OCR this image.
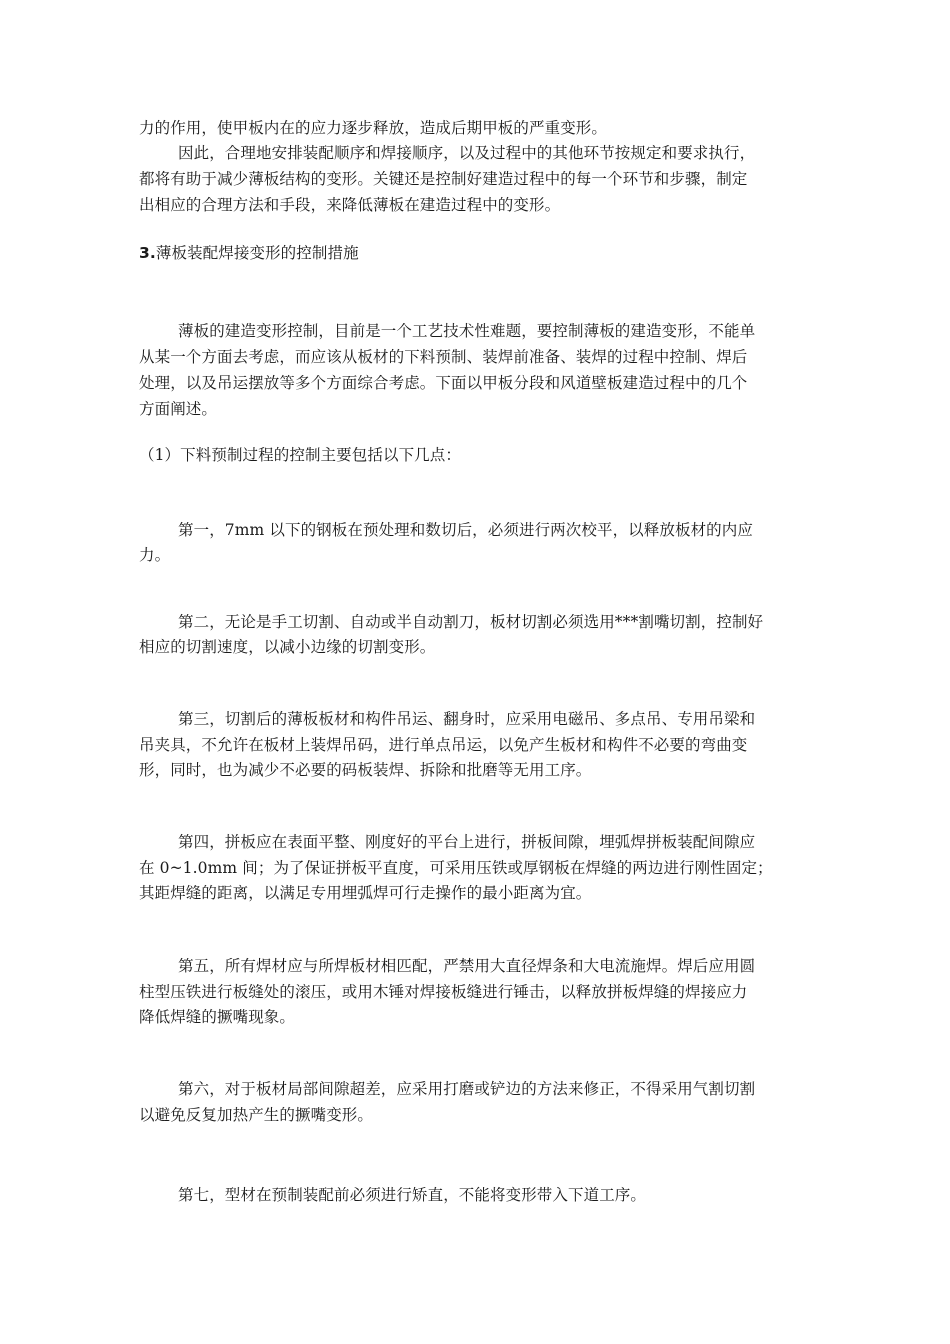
力的作用，使甲板内在的应力逐步释放，造成后期甲板的严重变形。
因此，合理地安排装配顺序和焊接顺序，以及过程中的其他环节按规定和要求执行，
都将有助于减少薄板结构的变形。关键还是控制好建造过程中的每一个环节和步骤，制定
出相应的合理方法和手段，来降低薄板在建造过程中的变形。
3.薄板装配焊接变形的控制措施
薄板的建造变形控制，目前是一个工艺技术性难题，要控制薄板的建造变形，不能单
从某一个方面去考虑，而应该从板材的下料预制、装焊前准备、装焊的过程中控制、焊后
处理，以及吊运摆放等多个方面综合考虑。下面以甲板分段和风道壁板建造过程中的几个
方面阐述。
（1）下料预制过程的控制主要包括以下几点：
第一，7mm 以下的钢板在预处理和数切后，必须进行两次校平，以释放板材的内应
力。
第二，无论是手工切割、自动或半自动割刀，板材切割必须选用***割嘴切割，控制好
相应的切割速度，以减小边缘的切割变形。
第三，切割后的薄板板材和构件吊运、翻身时，应采用电磁吊、多点吊、专用吊梁和
吊夹具，不允许在板材上装焊吊码，进行单点吊运，以免产生板材和构件不必要的弯曲变
形，同时，也为减少不必要的码板装焊、拆除和批磨等无用工序。
第四，拼板应在表面平整、刚度好的平台上进行，拼板间隙，埋弧焊拼板装配间隙应
在 0~1.0mm 间；为了保证拼板平直度，可采用压铁或厚钢板在焊缝的两边进行刚性固定；
其距焊缝的距离，以满足专用埋弧焊可行走操作的最小距离为宜。
第五，所有焊材应与所焊板材相匹配，严禁用大直径焊条和大电流施焊。焊后应用圆
柱型压铁进行板缝处的滚压，或用木锤对焊接板缝进行锤击，以释放拼板焊缝的焊接应力
降低焊缝的撅嘴现象。
第六，对于板材局部间隙超差，应采用打磨或铲边的方法来修正，不得采用气割切割
以避免反复加热产生的撅嘴变形。
第七，型材在预制装配前必须进行矫直，不能将变形带入下道工序。
